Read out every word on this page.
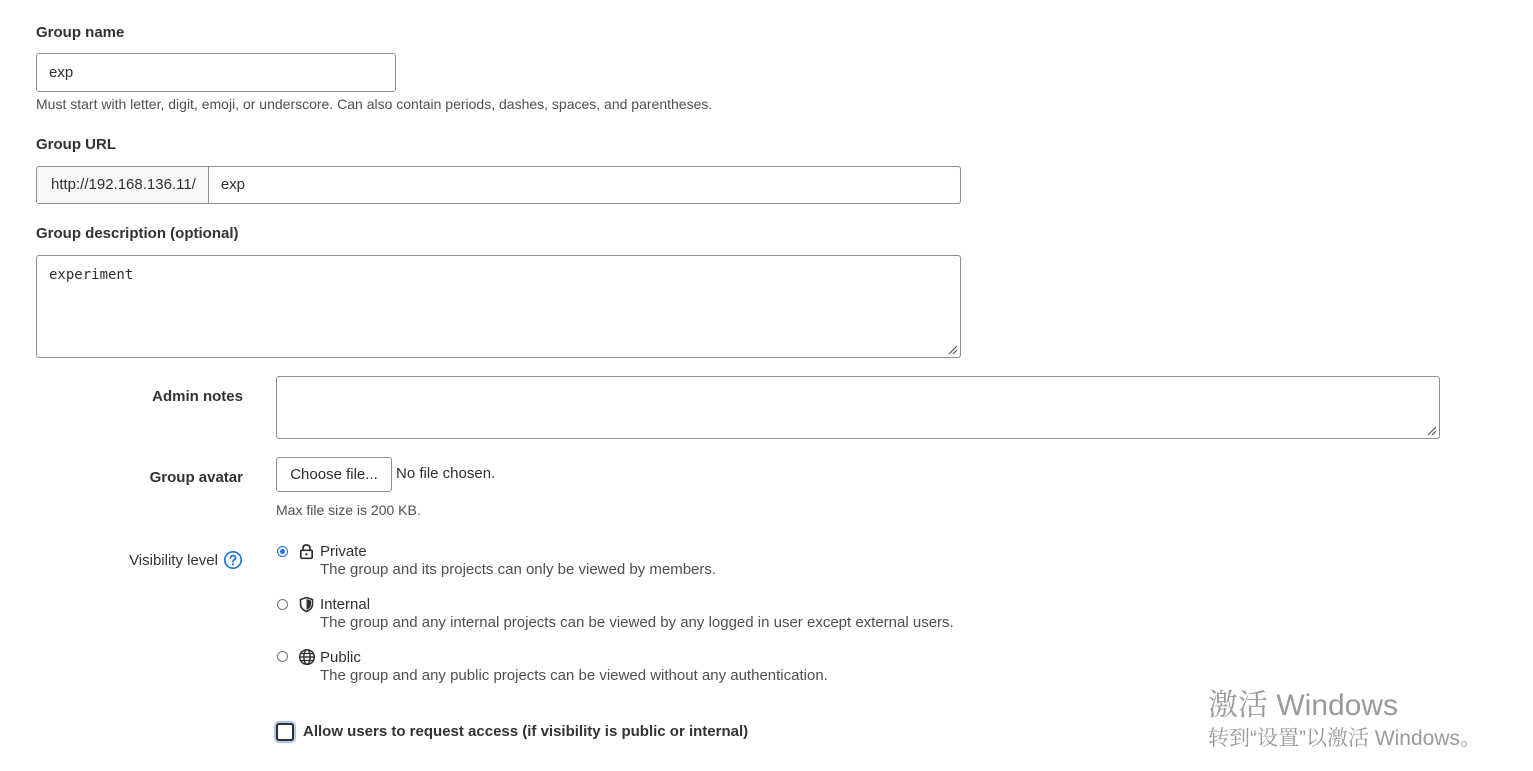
Group name
exp
Must start with letter, digit, emoji, or underscore. Can also contain periods, dashes, spaces, and parentheses.
Group URL
http://192.168.136.11/	exp
Group description (optional)
experiment
Admin notes
Group avatar	Choose file...	No file chosen.
Max file size is 200 KB.
Visibility level	Private
The group and its projects can only be viewed by members.
Internal
The group and any internal projects can be viewed by any logged in user except external users.
Public
The group and any public projects can be viewed without any authentication.
Allow users to request access (if visibility is public or internal)
激活 Windows
转到“设置”以激活 Windows。
